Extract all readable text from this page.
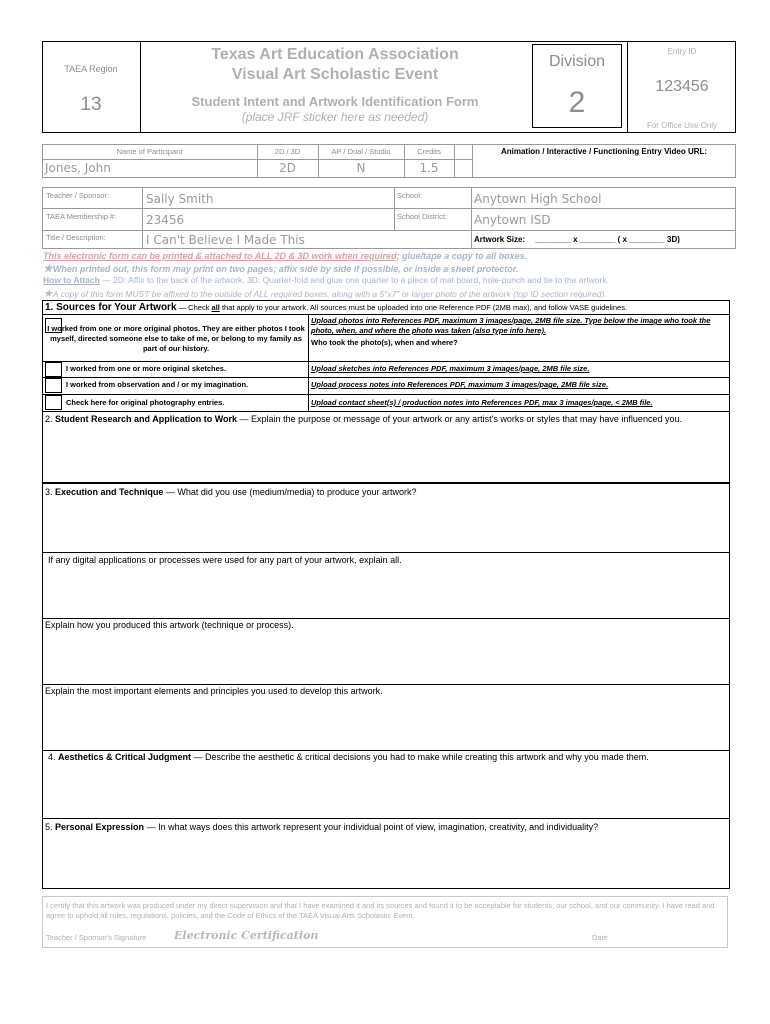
TAEA Region
13
Texas Art Education Association
Visual Art Scholastic Event
Student Intent and Artwork Identification Form
(place JRF sticker here as needed)
Division
2
Entry ID
123456
For Office Use Only
Name of Participant	2D / 3D	AP / Dual / Studio	Credits	Animation / Interactive / Functioning Entry Video URL:
Jones, John	2D	N	1.5
Teacher / Sponsor:	Sally Smith	School:	Anytown High School
TAEA Membership #: 23456	School District: Anytown ISD
Title / Description:	I Can't Believe I Made This	Artwork Size: ________ x ________ ( x ________ 3D)
This electronic form can be printed & attached to ALL 2D & 3D work when required; glue/tape a copy to all boxes.
★When printed out, this form may print on two pages; affix side by side if possible, or inside a sheet protector.
How to Attach — 2D: Affix to the back of the artwork. 3D: Quarter-fold and glue one quarter to a piece of mat board, hole-punch and tie to the artwork.
★A copy of this form MUST be affixed to the outside of ALL required boxes, along with a 5"x7" or larger photo of the artwork (top ID section required).
1. Sources for Your Artwork — Check all that apply to your artwork. All sources must be uploaded into one Reference PDF (2MB max), and follow VASE guidelines.
I worked from one or more original photos. They are either photos I took myself, directed someone else to take of me, or belong to my family as part of our history.
Upload photos into References PDF, maximum 3 images/page, 2MB file size. Type below the image who took the photo, when, and where the photo was taken (also type info here).
Who took the photo(s), when and where?
I worked from one or more original sketches.	Upload sketches into References PDF, maximum 3 images/page, 2MB file size.
I worked from observation and / or my imagination.	Upload process notes into References PDF, maximum 3 images/page, 2MB file size.
Check here for original photography entries.	Upload contact sheet(s) / production notes into References PDF, max 3 images/page, < 2MB file.
2. Student Research and Application to Work — Explain the purpose or message of your artwork or any artist's works or styles that may have influenced you.
3. Execution and Technique — What did you use (medium/media) to produce your artwork?
If any digital applications or processes were used for any part of your artwork, explain all.
Explain how you produced this artwork (technique or process).
Explain the most important elements and principles you used to develop this artwork.
4. Aesthetics & Critical Judgment — Describe the aesthetic & critical decisions you had to make while creating this artwork and why you made them.
5. Personal Expression — In what ways does this artwork represent your individual point of view, imagination, creativity, and individuality?
I certify that this artwork was produced under my direct supervision and that I have examined it and its sources and found it to be acceptable for students, our school, and our community. I have read and agree to uphold all rules, regulations, policies, and the Code of Ethics of the TAEA Visual Arts Scholastic Event.
Teacher / Sponsor's Signature	Electronic Certification	Date
